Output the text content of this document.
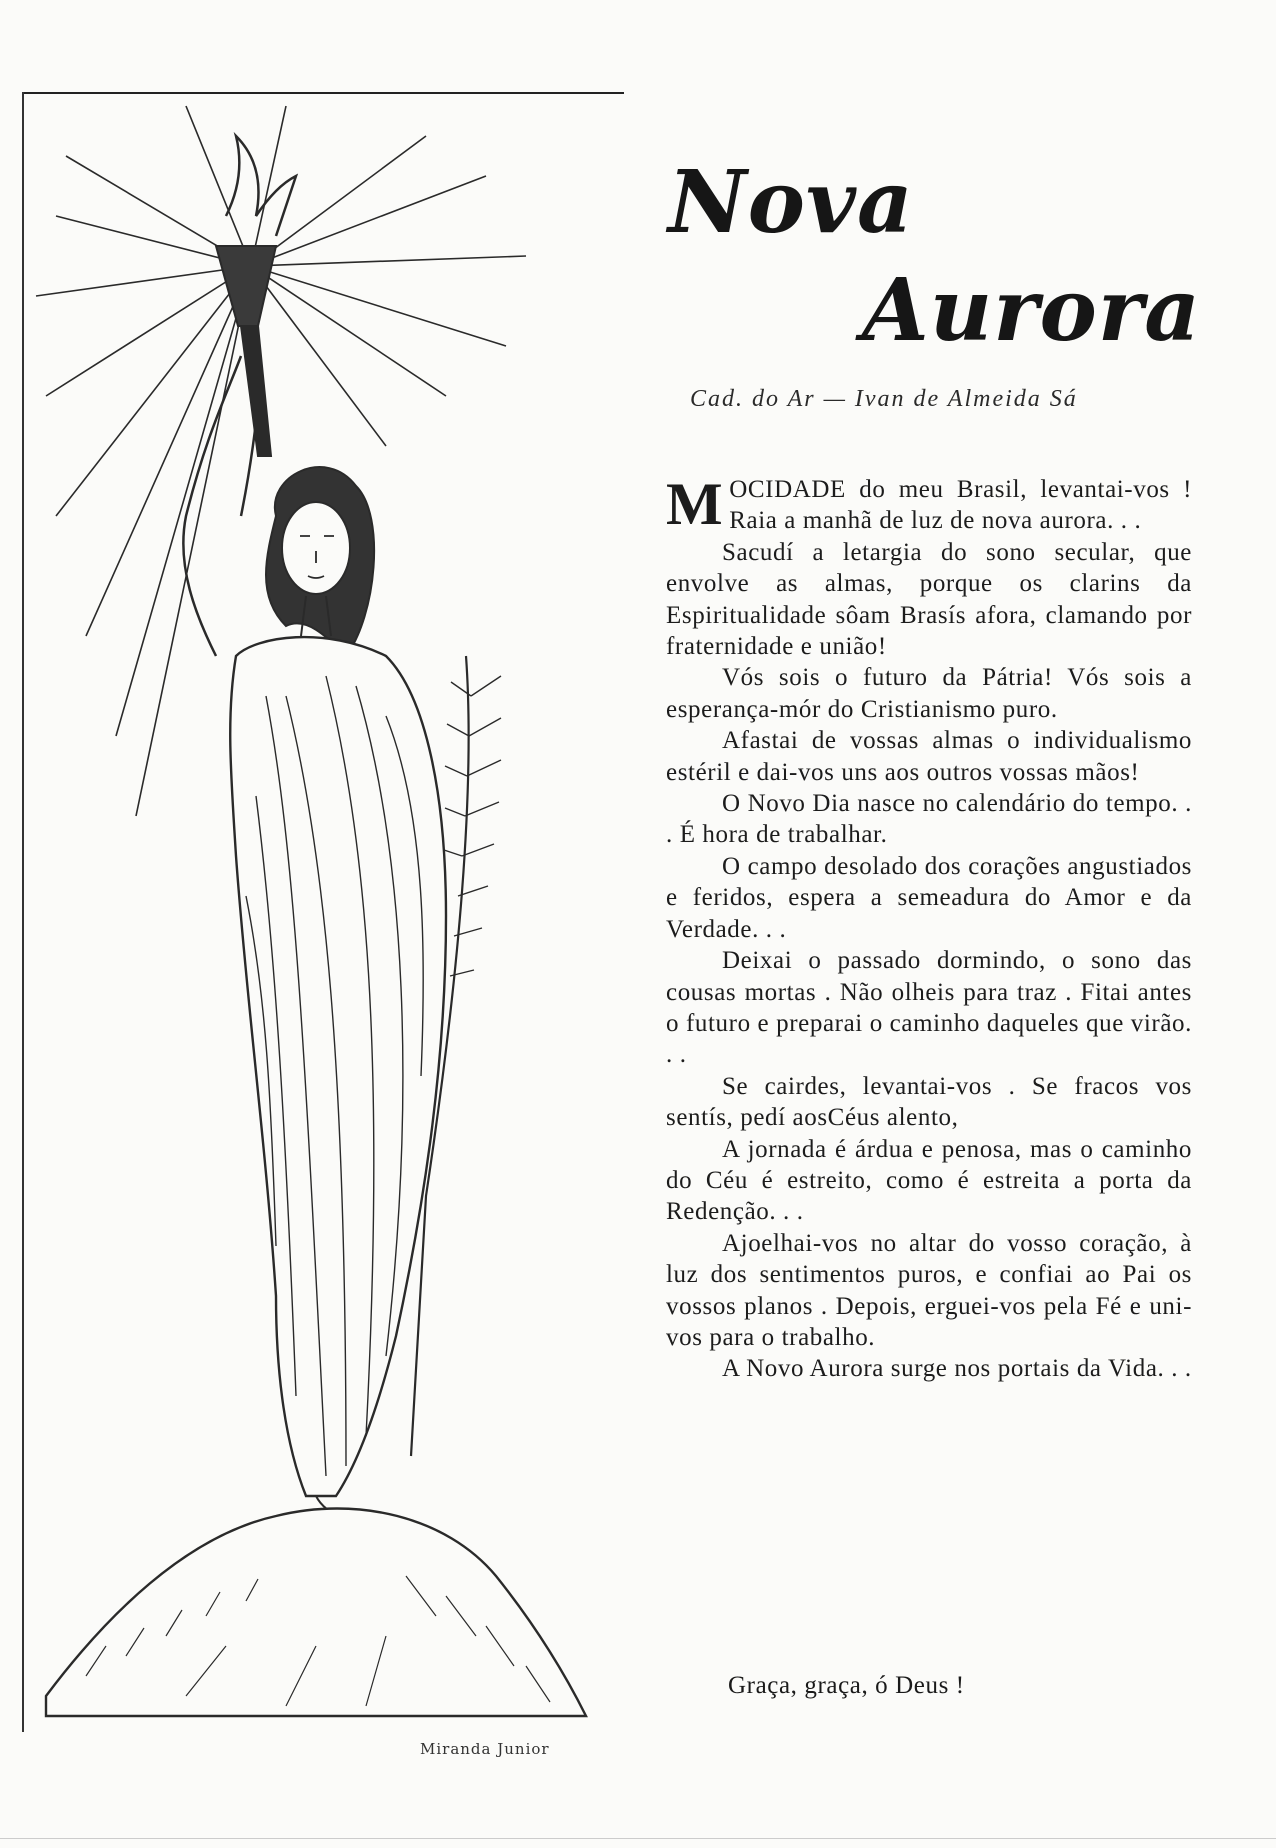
Miranda Junior
Nova
Aurora
Cad. do Ar — Ivan de Almeida Sá

MOCIDADE do meu Brasil, levantai-vos ! Raia a manhã de luz de nova aurora. . .

Sacudí a letargia do sono secular, que envolve as almas, porque os clarins da Espiritualidade sôam Brasís afora, clamando por fraternidade e união!

Vós sois o futuro da Pátria! Vós sois a esperança-mór do Cristianismo puro.

Afastai de vossas almas o individualismo estéril e dai-vos uns aos outros vossas mãos!

O Novo Dia nasce no calendário do tempo. . . É hora de trabalhar.

O campo desolado dos corações angustiados e feridos, espera a semeadura do Amor e da Verdade. . .

Deixai o passado dormindo, o sono das cousas mortas . Não olheis para traz . Fitai antes o futuro e preparai o caminho daqueles que virão. . .

Se cairdes, levantai-vos . Se fracos vos sentís, pedí aosCéus alento,

A jornada é árdua e penosa, mas o caminho do Céu é estreito, como é estreita a porta da Redenção. . .

Ajoelhai-vos no altar do vosso coração, à luz dos sentimentos puros, e confiai ao Pai os vossos planos . Depois, erguei-vos pela Fé e uni-vos para o trabalho.

A Novo Aurora surge nos portais da Vida. . .

Graça, graça, ó Deus !
